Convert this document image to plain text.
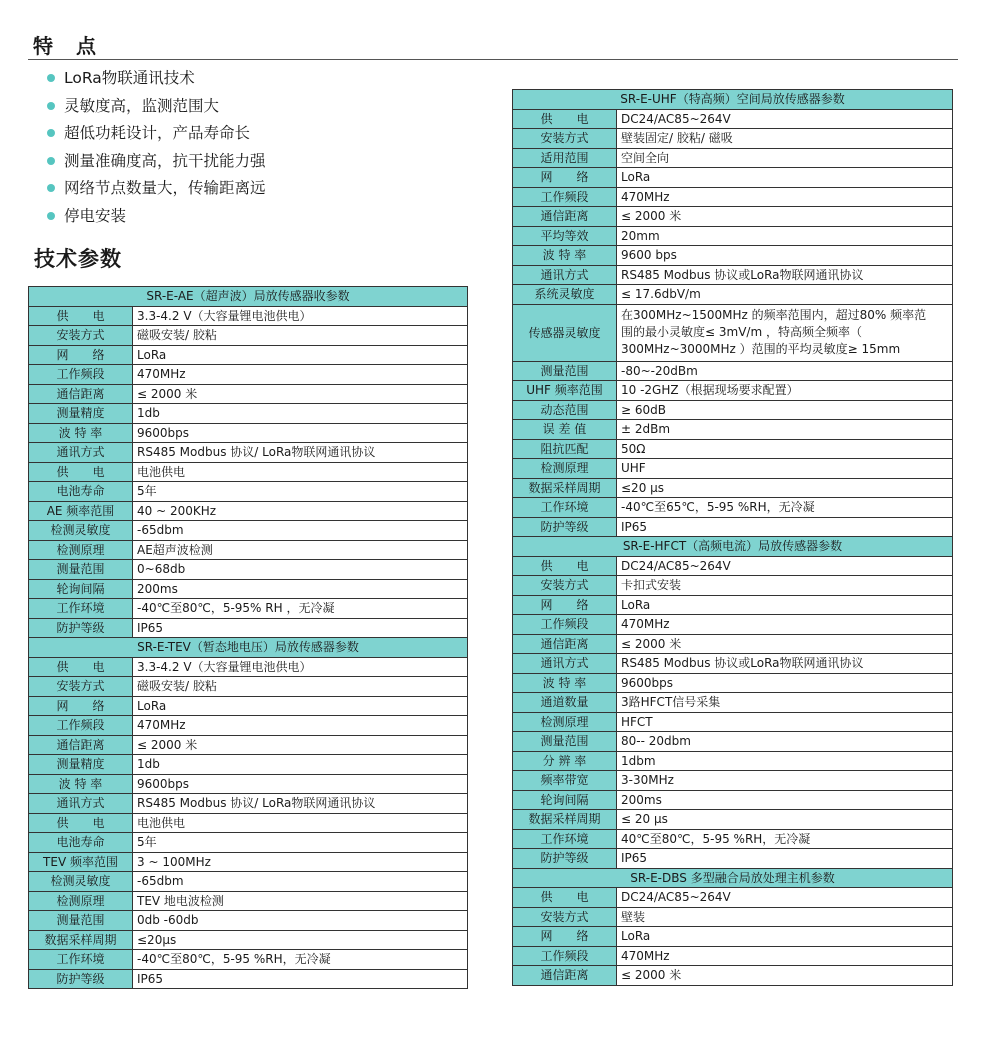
特 点
LoRa物联通讯技术
灵敏度高，监测范围大
超低功耗设计，产品寿命长
测量准确度高，抗干扰能力强
网络节点数量大，传输距离远
停电安装
技术参数
SR-E-AE（超声波）局放传感器收参数	
供　　电	3.3-4.2 V（大容量锂电池供电）
安装方式	磁吸安装/ 胶粘
网　　络	LoRa
工作频段	470MHz
通信距离	≤ 2000 米
测量精度	1db
波 特 率	9600bps
通讯方式	RS485 Modbus 协议/ LoRa物联网通讯协议
供　　电	电池供电
电池寿命	5年
AE 频率范围	40 ~ 200KHz
检测灵敏度	-65dbm
检测原理	AE超声波检测
测量范围	0~68db
轮询间隔	200ms
工作环境	-40℃至80℃，5-95% RH ，无冷凝
防护等级	IP65
SR-E-TEV（暂态地电压）局放传感器参数	
供　　电	3.3-4.2 V（大容量锂电池供电）
安装方式	磁吸安装/ 胶粘
网　　络	LoRa
工作频段	470MHz
通信距离	≤ 2000 米
测量精度	1db
波 特 率	9600bps
通讯方式	RS485 Modbus 协议/ LoRa物联网通讯协议
供　　电	电池供电
电池寿命	5年
TEV 频率范围	3 ~ 100MHz
检测灵敏度	-65dbm
检测原理	TEV 地电波检测
测量范围	0db -60db
数据采样周期	≤20μs
工作环境	-40℃至80℃，5-95 %RH，无冷凝
防护等级	IP65
SR-E-UHF（特高频）空间局放传感器参数	
供　　电	DC24/AC85~264V
安装方式	壁装固定/ 胶粘/ 磁吸
适用范围	空间全向
网　　络	LoRa
工作频段	470MHz
通信距离	≤ 2000 米
平均等效	20mm
波 特 率	9600 bps
通讯方式	RS485 Modbus 协议或LoRa物联网通讯协议
系统灵敏度	≤ 17.6dbV/m
传感器灵敏度	在300MHz~1500MHz 的频率范围内，超过80% 频率范
围的最小灵敏度≤ 3mV/m ，特高频全频率（
300MHz~3000MHz ）范围的平均灵敏度≥ 15mm

测量范围	-80~-20dBm
UHF 频率范围	10 -2GHZ（根据现场要求配置）
动态范围	≥ 60dB
误 差 值	± 2dBm
阻抗匹配	50Ω
检测原理	UHF
数据采样周期	≤20 μs
工作环境	-40℃至65℃，5-95 %RH，无冷凝
防护等级	IP65
SR-E-HFCT（高频电流）局放传感器参数	
供　　电	DC24/AC85~264V
安装方式	卡扣式安装
网　　络	LoRa
工作频段	470MHz
通信距离	≤ 2000 米
通讯方式	RS485 Modbus 协议或LoRa物联网通讯协议
波 特 率	9600bps
通道数量	3路HFCT信号采集
检测原理	HFCT
测量范围	80-- 20dbm
分 辨 率	1dbm
频率带宽	3-30MHz
轮询间隔	200ms
数据采样周期	≤ 20 μs
工作环境	40℃至80℃，5-95 %RH，无冷凝
防护等级	IP65
SR-E-DBS 多型融合局放处理主机参数	
供　　电	DC24/AC85~264V
安装方式	壁装
网　　络	LoRa
工作频段	470MHz
通信距离	≤ 2000 米
